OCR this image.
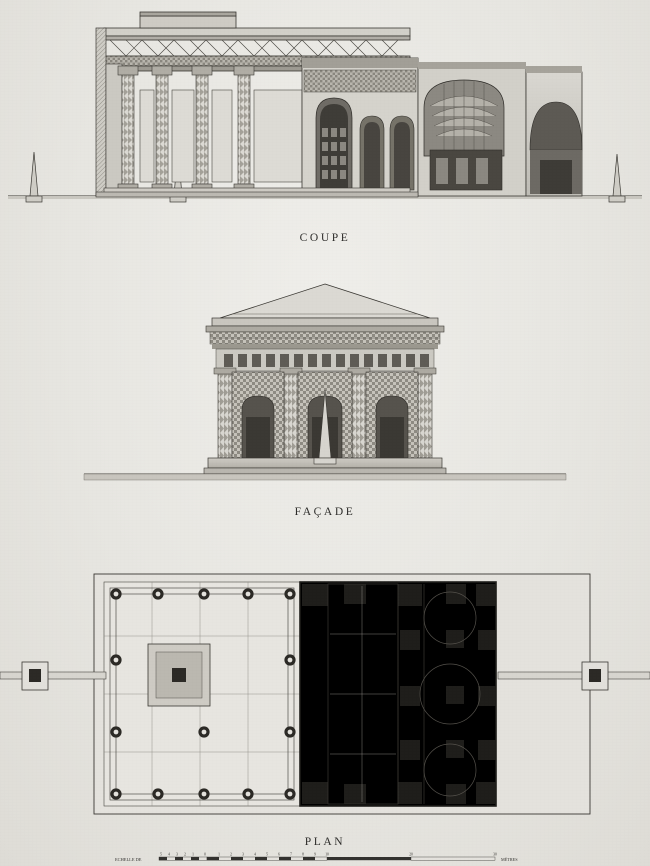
COUPE
FAÇADE
PLAN
ECHELLE DE
5 4 3 2 1	0	1	2	3	4	5	6	7	8	9	10	20	30
MÈTRES
